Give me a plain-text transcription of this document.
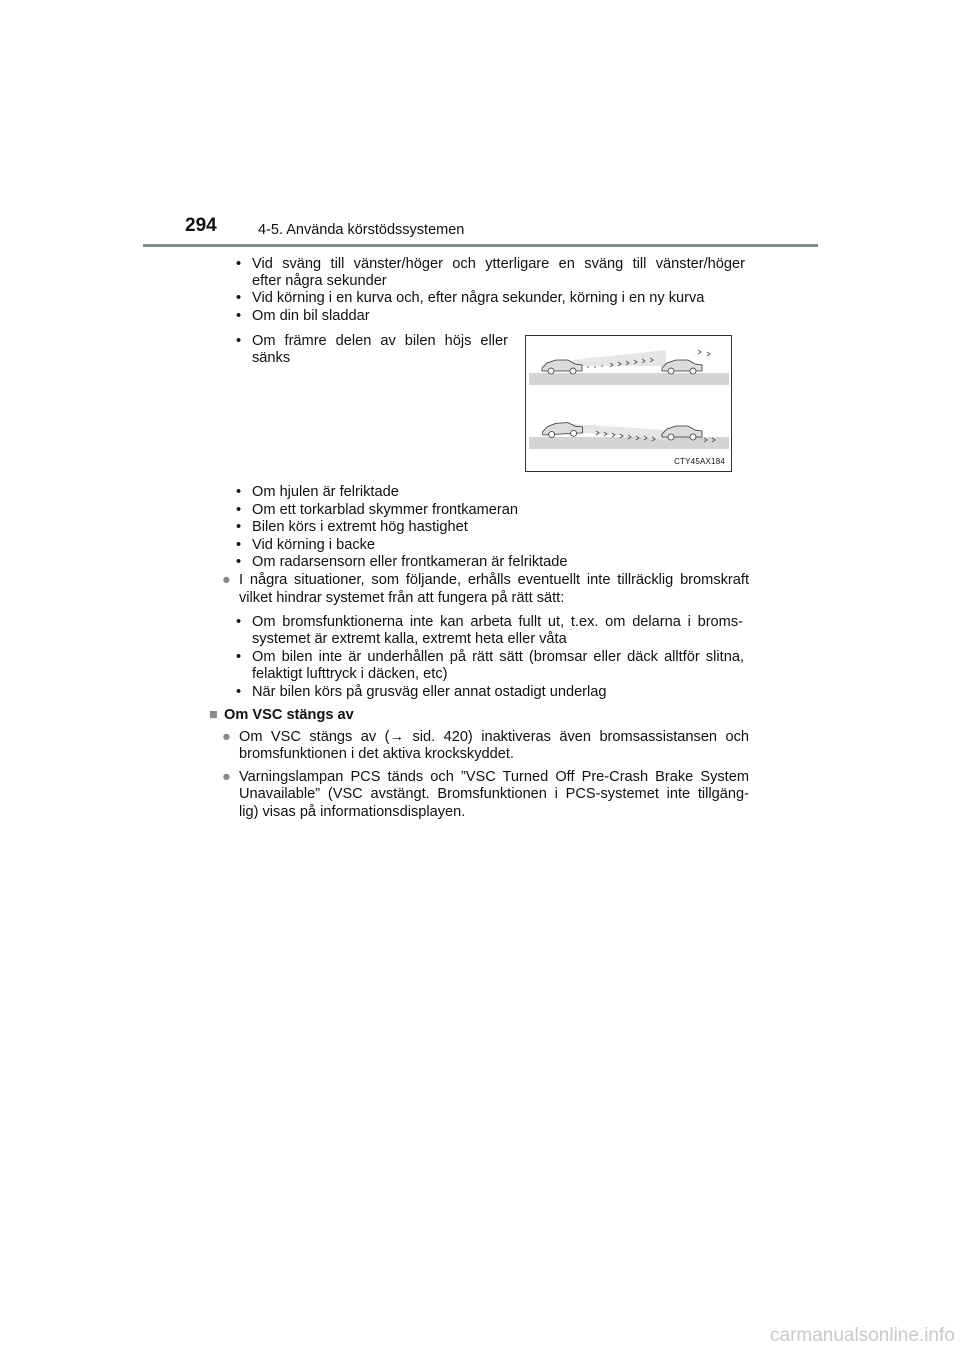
294	4-5. Använda körstödssystemen
• Vid sväng till vänster/höger och ytterligare en sväng till vänster/höger
efter några sekunder
• Vid körning i en kurva och, efter några sekunder, körning i en ny kurva
• Om din bil sladdar
• Om främre delen av bilen höjs eller
sänks
CTY45AX184
• Om hjulen är felriktade
• Om ett torkarblad skymmer frontkameran
• Bilen körs i extremt hög hastighet
• Vid körning i backe
• Om radarsensorn eller frontkameran är felriktade
● I några situationer, som följande, erhålls eventuellt inte tillräcklig bromskraft
vilket hindrar systemet från att fungera på rätt sätt:
• Om bromsfunktionerna inte kan arbeta fullt ut, t.ex. om delarna i broms-
systemet är extremt kalla, extremt heta eller våta
• Om bilen inte är underhållen på rätt sätt (bromsar eller däck alltför slitna,
felaktigt lufttryck i däcken, etc)
• När bilen körs på grusväg eller annat ostadigt underlag
■ Om VSC stängs av
● Om VSC stängs av (→ sid. 420) inaktiveras även bromsassistansen och
bromsfunktionen i det aktiva krockskyddet.
● Varningslampan PCS tänds och ”VSC Turned Off Pre-Crash Brake System
Unavailable” (VSC avstängt. Bromsfunktionen i PCS-systemet inte tillgäng-
lig) visas på informationsdisplayen.
carmanualsonline.info
